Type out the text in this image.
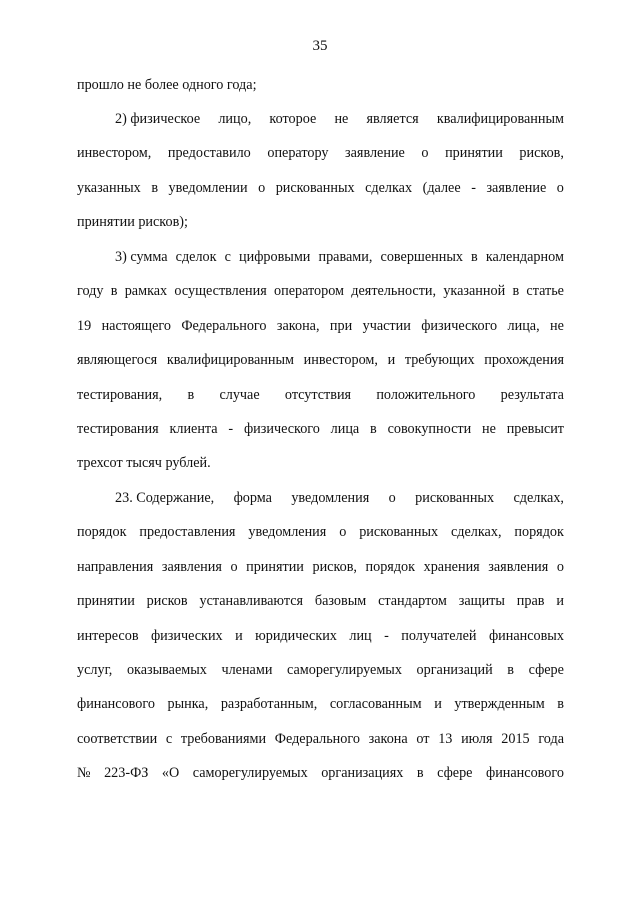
35
прошло не более одного года;
2) физическое лицо, которое не является квалифицированным
инвестором, предоставило оператору заявление о принятии рисков,
указанных в уведомлении о рискованных сделках (далее - заявление о
принятии рисков);
3) сумма сделок с цифровыми правами, совершенных в календарном
году в рамках осуществления оператором деятельности, указанной в статье
19 настоящего Федерального закона, при участии физического лица, не
являющегося квалифицированным инвестором, и требующих прохождения
тестирования, в случае отсутствия положительного результата
тестирования клиента - физического лица в совокупности не превысит
трехсот тысяч рублей.
23. Содержание, форма уведомления о рискованных сделках,
порядок предоставления уведомления о рискованных сделках, порядок
направления заявления о принятии рисков, порядок хранения заявления о
принятии рисков устанавливаются базовым стандартом защиты прав и
интересов физических и юридических лиц - получателей финансовых
услуг, оказываемых членами саморегулируемых организаций в сфере
финансового рынка, разработанным, согласованным и утвержденным в
соответствии с требованиями Федерального закона от 13 июля 2015 года
№ 223-ФЗ «О саморегулируемых организациях в сфере финансового
